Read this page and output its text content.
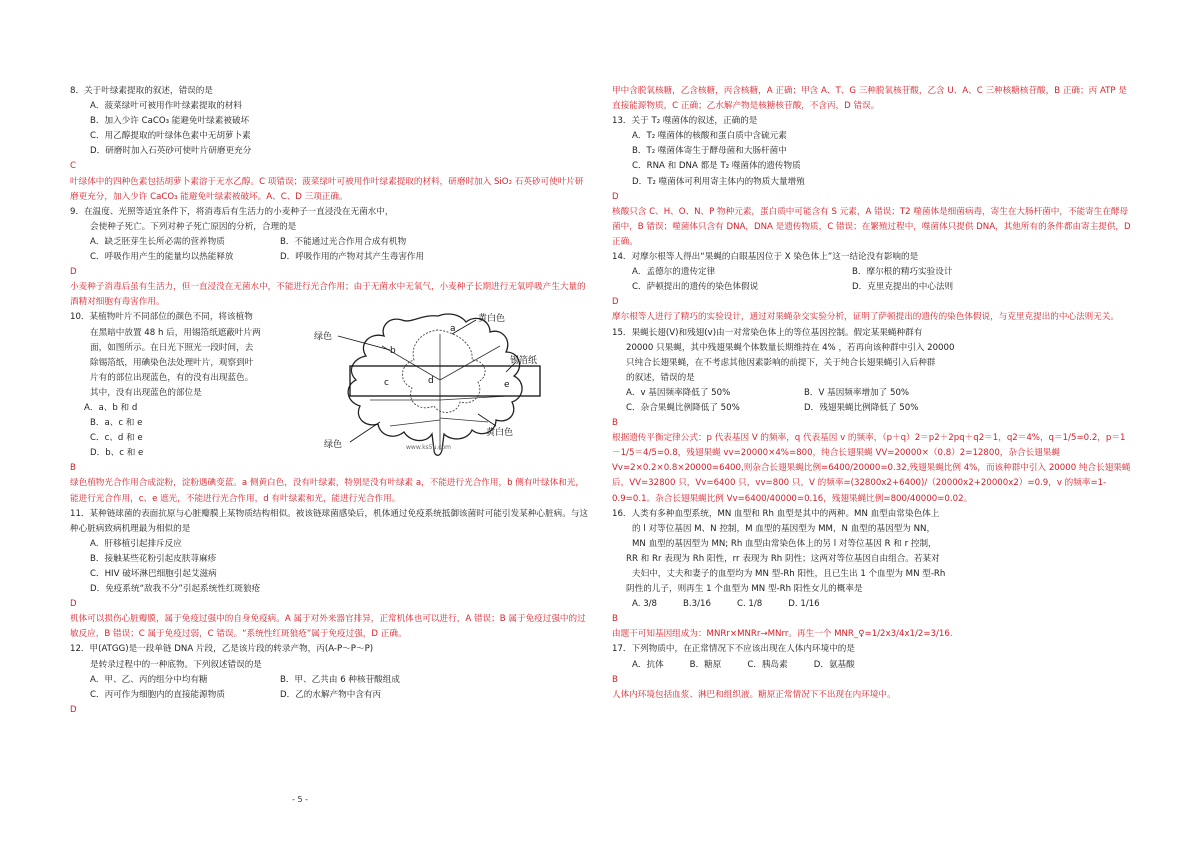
8．关于叶绿素提取的叙述，错误的是

A．菠菜绿叶可被用作叶绿素提取的材料

B．加入少许 CaCO₃ 能避免叶绿素被破坏

C．用乙醇提取的叶绿体色素中无胡萝卜素

D．研磨时加入石英砂可使叶片研磨更充分

C

叶绿体中的四种色素包括胡萝卜素溶于无水乙醇。C 项错误；菠菜绿叶可被用作叶绿素提取的材料，研磨时加入 SiO₂ 石英砂可使叶片研磨更充分，加入少许 CaCO₃ 能避免叶绿素被破坏。A、C、D 三项正确。

9．在温度、光照等适宜条件下，将消毒后有生活力的小麦种子一直浸没在无菌水中，

会使种子死亡。下列对种子死亡原因的分析，合理的是

A．缺乏胚芽生长所必需的营养物质	B．不能通过光合作用合成有机物

C．呼吸作用产生的能量均以热能释放	D．呼吸作用的产物对其产生毒害作用

D

小麦种子消毒后虽有生活力，但一直浸没在无菌水中，不能进行光合作用；由于无菌水中无氧气，小麦种子长期进行无氧呼吸产生大量的酒精对细胞有毒害作用。

10．某植物叶片不同部位的颜色不同，将该植物

在黑暗中放置 48 h 后，用锡箔纸遮蔽叶片两

面，如图所示。在日光下照光一段时间，去

除锡箔纸，用碘染色法处理叶片，观察到叶

片有的部位出现蓝色，有的没有出现蓝色。

其中，没有出现蓝色的部位是

A．a、b 和 d

B．a、c 和 e

C．c、d 和 e

D．b、c 和 e

绿色
黄白色
锡箔纸
绿色
黄白色
a
b
c	d	e
www.ks5u.com

B

绿色植物光合作用合成淀粉，淀粉遇碘变蓝。a 侧黄白色，没有叶绿素，特别是没有叶绿素 a，不能进行光合作用，b 侧有叶绿体和光，能进行光合作用，c、e 遮光，不能进行光合作用，d 有叶绿素和光，能进行光合作用。

11．某种链球菌的表面抗原与心脏瓣膜上某物质结构相似。被该链球菌感染后，机体通过免疫系统抵御该菌时可能引发某种心脏病。与这种心脏病致病机理最为相似的是

A．肝移植引起排斥反应

B．接触某些花粉引起皮肤荨麻疹

C．HIV 破坏淋巴细胞引起艾滋病

D．免疫系统“敌我不分”引起系统性红斑狼疮

D

机体可以损伤心脏瓣膜，属于免疫过强中的自身免疫病。A 属于对外来器官排异，正常机体也可以进行，A 错误；B 属于免疫过强中的过敏反应，B 错误；C 属于免疫过弱，C 错误。“系统性红斑狼疮”属于免疫过强，D 正确。

12．甲(ATGG)是一段单链 DNA 片段，乙是该片段的转录产物，丙(A-P～P～P)

是转录过程中的一种底物。下列叙述错误的是

A．甲、乙、丙的组分中均有糖	B．甲、乙共由 6 种核苷酸组成

C．丙可作为细胞内的直接能源物质	D．乙的水解产物中含有丙

D

甲中含脱氧核糖，乙含核糖，丙含核糖，A 正确；甲含 A、T、G 三种脱氧核苷酸，乙含 U、A、C 三种核糖核苷酸，B 正确；丙 ATP 是直接能源物质，C 正确；乙水解产物是核糖核苷酸，不含丙，D 错误。

13．关于 T₂ 噬菌体的叙述，正确的是

A．T₂ 噬菌体的核酸和蛋白质中含硫元素

B．T₂ 噬菌体寄生于酵母菌和大肠杆菌中

C．RNA 和 DNA 都是 T₂ 噬菌体的遗传物质

D．T₂ 噬菌体可利用寄主体内的物质大量增殖

D

核酸只含 C、H、O、N、P 物种元素，蛋白质中可能含有 S 元素，A 错误；T2 噬菌体是细菌病毒，寄生在大肠杆菌中，不能寄生在酵母菌中，B 错误；噬菌体只含有 DNA，DNA 是遗传物质，C 错误；在繁殖过程中，噬菌体只提供 DNA，其他所有的条件都由寄主提供，D 正确。

14．对摩尔根等人得出“果蝇的白眼基因位于 X 染色体上”这一结论没有影响的是

A．孟德尔的遗传定律	B．摩尔根的精巧实验设计

C．萨顿提出的遗传的染色体假说	D．克里克提出的中心法则

D

摩尔根等人进行了精巧的实验设计，通过对果蝇杂交实验分析，证明了萨顿提出的遗传的染色体假说，与克里克提出的中心法则无关。

15．果蝇长翅(V)和残翅(v)由一对常染色体上的等位基因控制。假定某果蝇种群有

20000 只果蝇，其中残翅果蝇个体数量长期维持在 4% ，若再向该种群中引入 20000

只纯合长翅果蝇，在不考虑其他因素影响的前提下，关于纯合长翅果蝇引入后种群

的叙述，错误的是

A．v 基因频率降低了 50%	B．V 基因频率增加了 50%

C．杂合果蝇比例降低了 50%	D．残翅果蝇比例降低了 50%

B

根据遗传平衡定律公式：p 代表基因 V 的频率，q 代表基因 v 的频率，（p＋q）2＝p2＋2pq＋q2＝1，q2＝4%，q＝1/5=0.2，p＝1－1/5＝4/5=0.8，残翅果蝇 vv=20000×4%=800，纯合长翅果蝇 VV=20000×（0.8）2=12800，杂合长翅果蝇 Vv=2×0.2×0.8×20000=6400,则杂合长翅果蝇比例=6400/20000=0.32,残翅果蝇比例 4%，而该种群中引入 20000 纯合长翅果蝇后，VV=32800 只，Vv=6400 只，vv=800 只，V 的频率=(32800x2+6400)/（20000x2+20000x2）=0.9，v 的频率=1-0.9=0.1。杂合长翅果蝇比例 Vv=6400/40000=0.16，残翅果蝇比例=800/40000=0.02。

16．人类有多种血型系统，MN 血型和 Rh 血型是其中的两种。MN 血型由常染色体上

的 l 对等位基因 M、N 控制，M 血型的基因型为 MM，N 血型的基因型为 NN，

MN 血型的基因型为 MN; Rh 血型由常染色体上的另 l 对等位基因 R 和 r 控制，

RR 和 Rr 表现为 Rh 阳性，rr 表现为 Rh 阴性；这两对等位基因自由组合。若某对

夫妇中，丈夫和妻子的血型均为 MN 型-Rh 阳性，且已生出 1 个血型为 MN 型-Rh

阴性的儿子，则再生 1 个血型为 MN 型-Rh 阳性女儿的概率是

A. 3/8	B.3/16	C. 1/8	D. 1/16

B

由题干可知基因组成为：MNRr×MNRr→MNrr。再生一个 MNR_♀=1/2x3/4x1/2=3/16.

17．下列物质中，在正常情况下不应该出现在人体内环境中的是

A．抗体	B．糖原	C．胰岛素	D．氨基酸

B

人体内环境包括血浆、淋巴和组织液。糖原正常情况下不出现在内环境中。

- 5 -
